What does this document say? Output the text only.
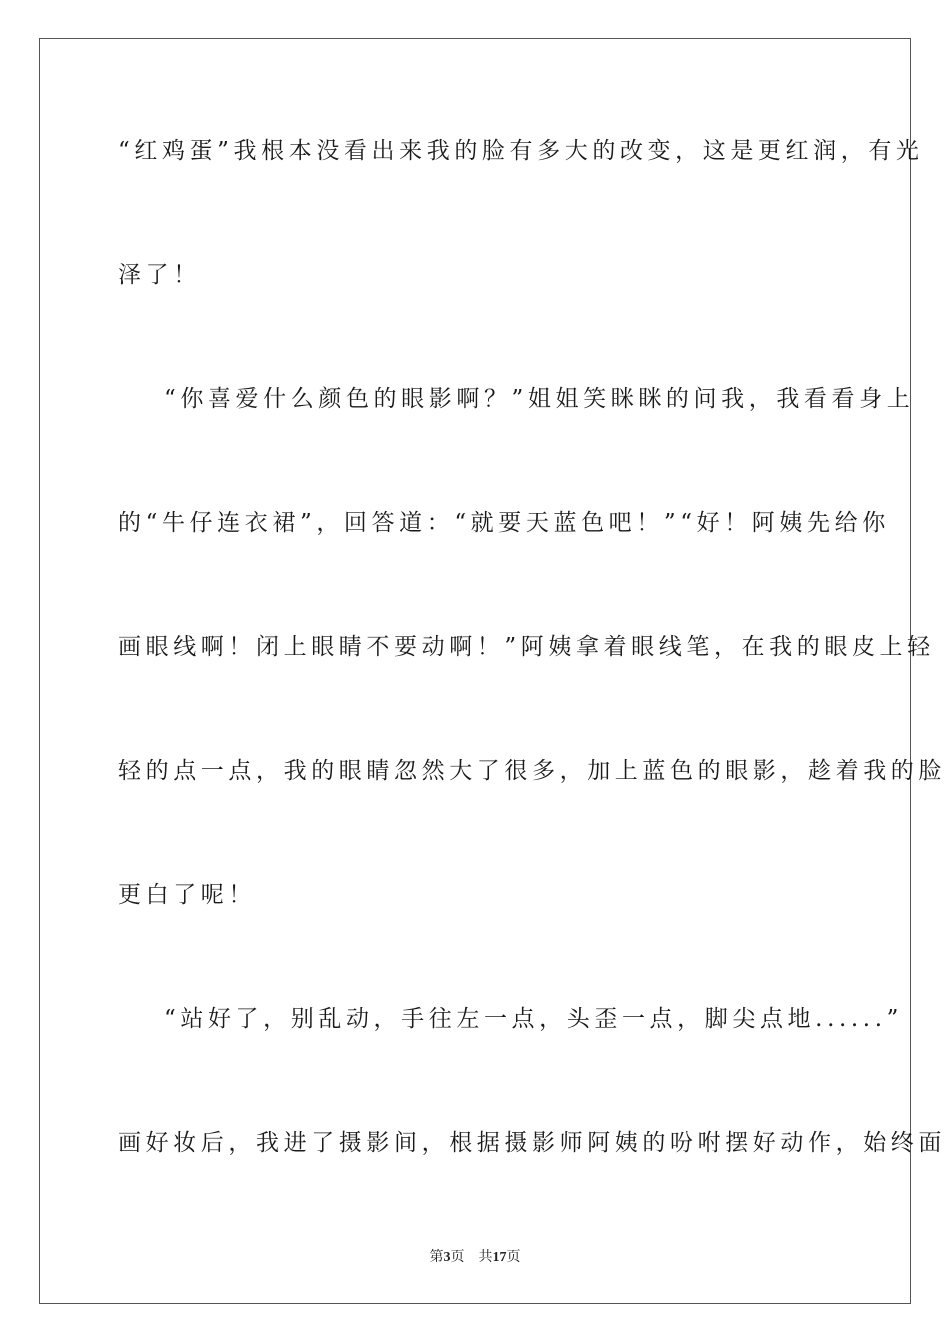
“红鸡蛋”我根本没看出来我的脸有多大的改变，这是更红润，有光
泽了！
“你喜爱什么颜色的眼影啊？”姐姐笑眯眯的问我，我看看身上
的“牛仔连衣裙”，回答道：“就要天蓝色吧！”“好！阿姨先给你
画眼线啊！闭上眼睛不要动啊！”阿姨拿着眼线笔，在我的眼皮上轻
轻的点一点，我的眼睛忽然大了很多，加上蓝色的眼影，趁着我的脸
更白了呢！
“站好了，别乱动，手往左一点，头歪一点，脚尖点地......”
画好妆后，我进了摄影间，根据摄影师阿姨的吩咐摆好动作，始终面
第3页 共17页
